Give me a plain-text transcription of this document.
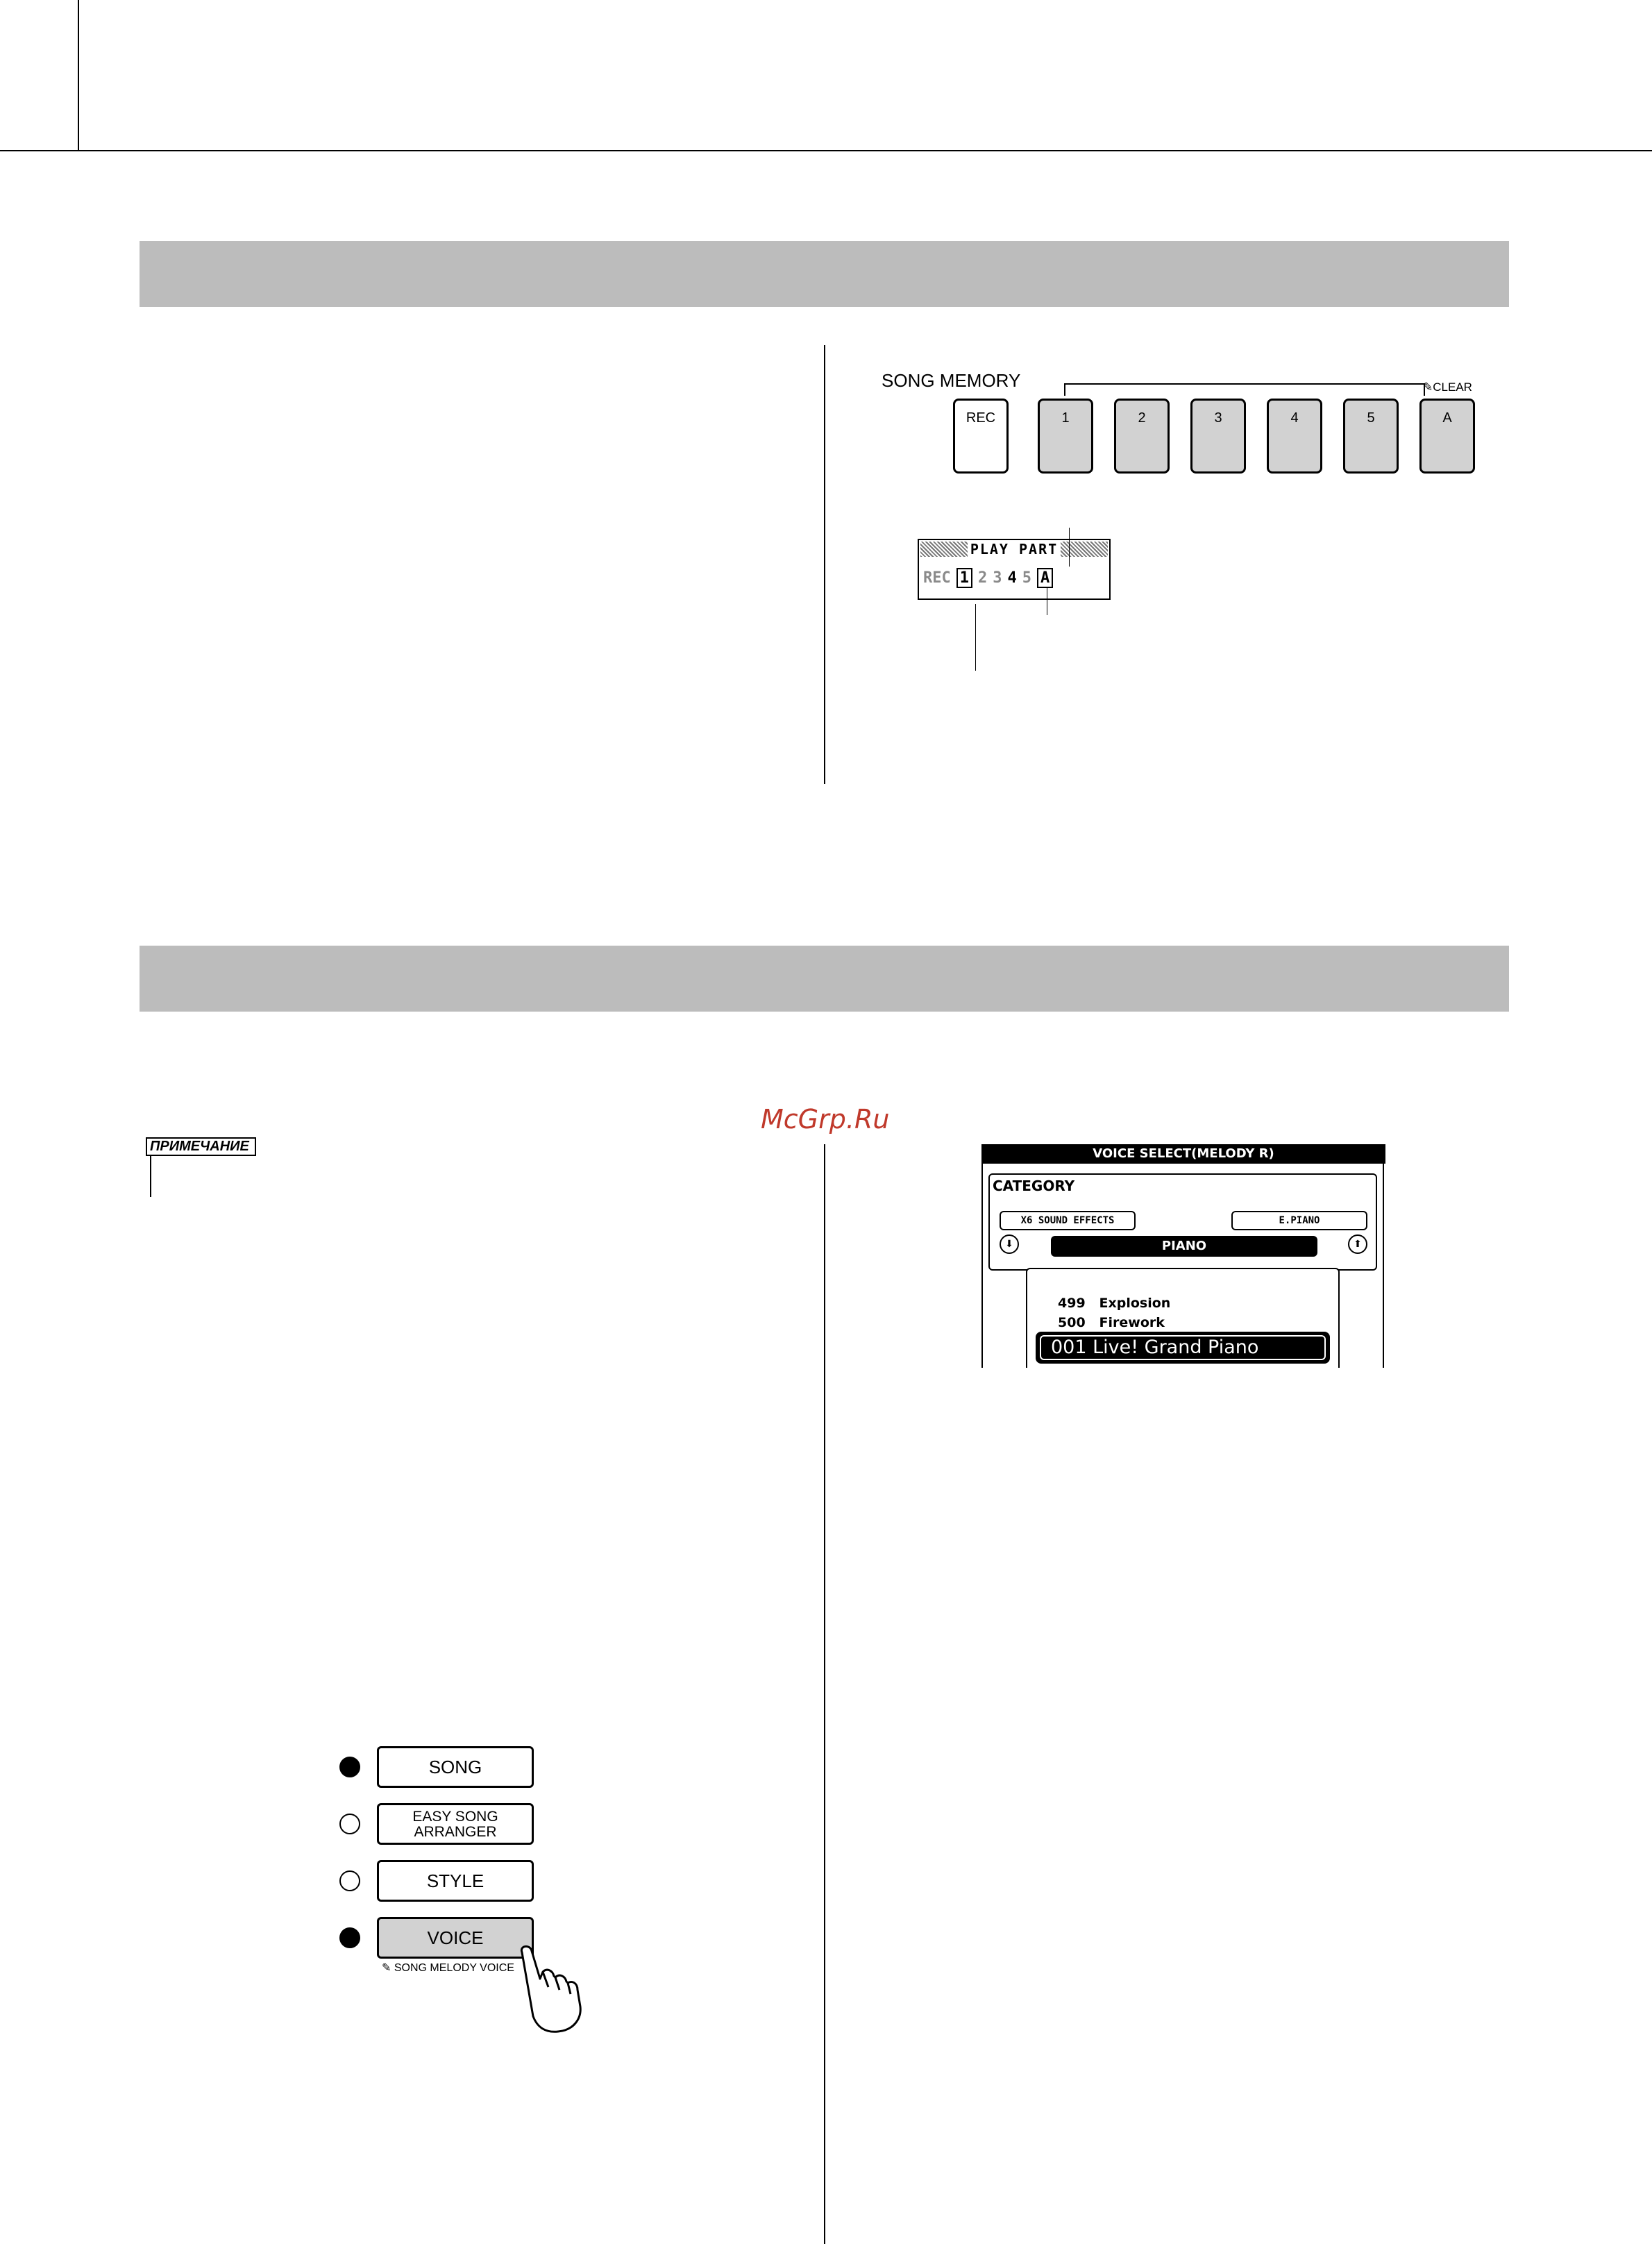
SONG MEMORY	✎CLEAR
REC	1	2	3	4	5	A
PLAY PART
REC 1 2 3 4 5 A
McGrp.Ru
ПРИМЕЧАНИЕ	VOICE SELECT(MELODY R)
CATEGORY
X6 SOUND EFFECTS	E.PIANO
⬇	⬆
PIANO
499 Explosion
500 Firework
001 Live! Grand Piano
SONG
EASY SONG
ARRANGER
STYLE
VOICE
✎ SONG MELODY VOICE
